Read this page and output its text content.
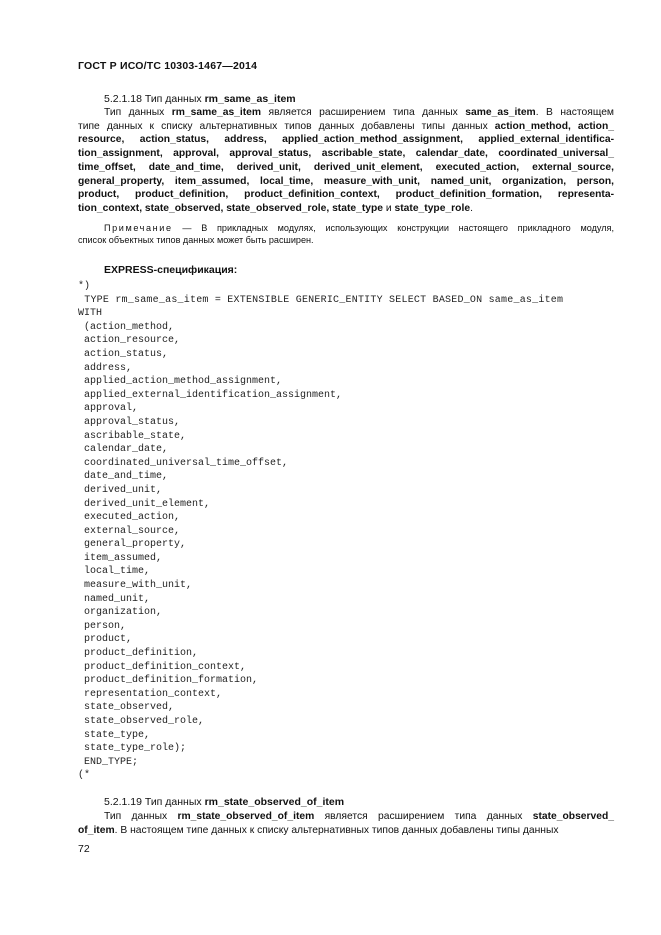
ГОСТ Р ИСО/ТС 10303-1467—2014
5.2.1.18 Тип данных rm_same_as_item
Тип данных rm_same_as_item является расширением типа данных same_as_item. В настоящем
типе данных к списку альтернативных типов данных добавлены типы данных action_method, action_
resource, action_status, address, applied_action_method_assignment, applied_external_identifica-
tion_assignment, approval, approval_status, ascribable_state, calendar_date, coordinated_universal_
time_offset, date_and_time, derived_unit, derived_unit_element, executed_action, external_source,
general_property, item_assumed, local_time, measure_with_unit, named_unit, organization, person,
product, product_definition, product_definition_context, product_definition_formation, representa-
tion_context, state_observed, state_observed_role, state_type и state_type_role.
Примечание — В прикладных модулях, использующих конструкции настоящего прикладного модуля,
список объектных типов данных может быть расширен.
EXPRESS-спецификация:
*)
TYPE rm_same_as_item = EXTENSIBLE GENERIC_ENTITY SELECT BASED_ON same_as_item
WITH
(action_method,
action_resource,
action_status,
address,
applied_action_method_assignment,
applied_external_identification_assignment,
approval,
approval_status,
ascribable_state,
calendar_date,
coordinated_universal_time_offset,
date_and_time,
derived_unit,
derived_unit_element,
executed_action,
external_source,
general_property,
item_assumed,
local_time,
measure_with_unit,
named_unit,
organization,
person,
product,
product_definition,
product_definition_context,
product_definition_formation,
representation_context,
state_observed,
state_observed_role,
state_type,
state_type_role);
END_TYPE;
(*
5.2.1.19 Тип данных rm_state_observed_of_item
Тип данных rm_state_observed_of_item является расширением типа данных state_observed_
of_item. В настоящем типе данных к списку альтернативных типов данных добавлены типы данных
72
